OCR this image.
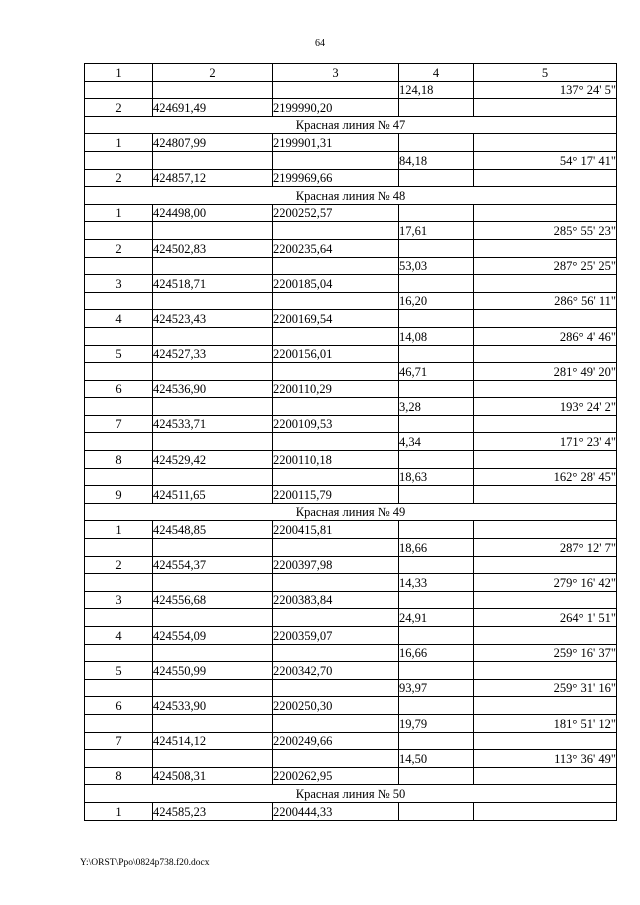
64
1	2	3	4	5
			124,18	137° 24' 5"
2	424691,49	2199990,20		
Красная линия № 47				
1	424807,99	2199901,31		
			84,18	54° 17' 41"
2	424857,12	2199969,66		
Красная линия № 48				
1	424498,00	2200252,57		
			17,61	285° 55' 23"
2	424502,83	2200235,64		
			53,03	287° 25' 25"
3	424518,71	2200185,04		
			16,20	286° 56' 11"
4	424523,43	2200169,54		
			14,08	286° 4' 46"
5	424527,33	2200156,01		
			46,71	281° 49' 20"
6	424536,90	2200110,29		
			3,28	193° 24' 2"
7	424533,71	2200109,53		
			4,34	171° 23' 4"
8	424529,42	2200110,18		
			18,63	162° 28' 45"
9	424511,65	2200115,79		
Красная линия № 49				
1	424548,85	2200415,81		
			18,66	287° 12' 7"
2	424554,37	2200397,98		
			14,33	279° 16' 42"
3	424556,68	2200383,84		
			24,91	264° 1' 51"
4	424554,09	2200359,07		
			16,66	259° 16' 37"
5	424550,99	2200342,70		
			93,97	259° 31' 16"
6	424533,90	2200250,30		
			19,79	181° 51' 12"
7	424514,12	2200249,66		
			14,50	113° 36' 49"
8	424508,31	2200262,95		
Красная линия № 50				
1	424585,23	2200444,33		
Y:\ORST\Ppo\0824p738.f20.docx
